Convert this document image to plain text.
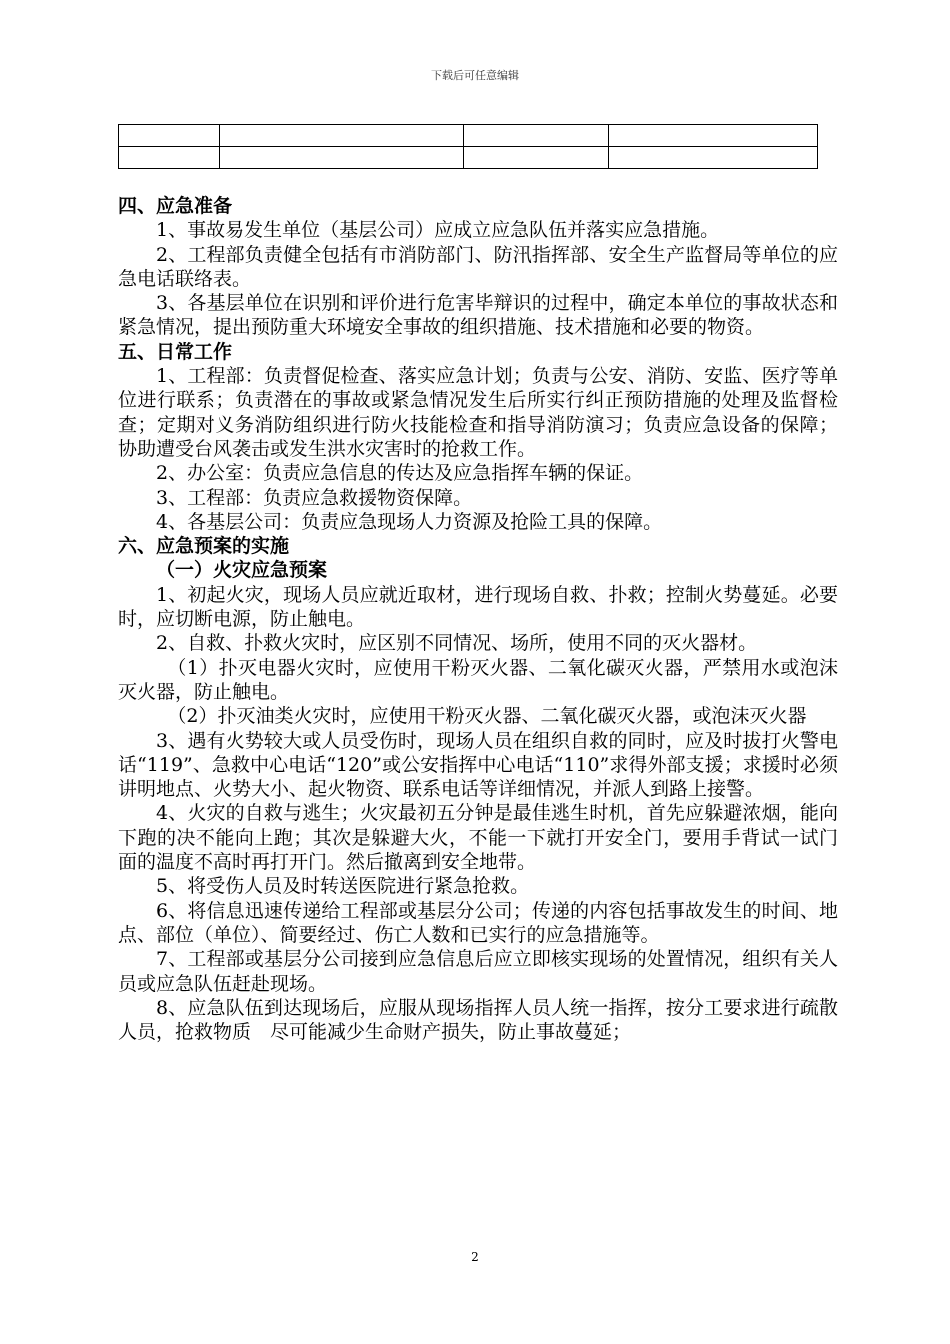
下载后可任意编辑

四、应急准备

1、事故易发生单位（基层公司）应成立应急队伍并落实应急措施。

2、工程部负责健全包括有市消防部门、防汛指挥部、安全生产监督局等单位的应急电话联络表。

3、各基层单位在识别和评价进行危害毕辩识的过程中，确定本单位的事故状态和紧急情况，提出预防重大环境安全事故的组织措施、技术措施和必要的物资。

五、日常工作

1、工程部：负责督促检查、落实应急计划；负责与公安、消防、安监、医疗等单位进行联系；负责潜在的事故或紧急情况发生后所实行纠正预防措施的处理及监督检查；定期对义务消防组织进行防火技能检查和指导消防演习；负责应急设备的保障；协助遭受台风袭击或发生洪水灾害时的抢救工作。

2、办公室：负责应急信息的传达及应急指挥车辆的保证。

3、工程部：负责应急救援物资保障。

4、各基层公司：负责应急现场人力资源及抢险工具的保障。

六、应急预案的实施

（一）火灾应急预案

1、初起火灾，现场人员应就近取材，进行现场自救、扑救；控制火势蔓延。必要时，应切断电源，防止触电。

2、自救、扑救火灾时，应区别不同情况、场所，使用不同的灭火器材。

（1）扑灭电器火灾时，应使用干粉灭火器、二氧化碳灭火器，严禁用水或泡沫灭火器，防止触电。

（2）扑灭油类火灾时，应使用干粉灭火器、二氧化碳灭火器，或泡沫灭火器

3、遇有火势较大或人员受伤时，现场人员在组织自救的同时，应及时拔打火警电话“119”、急救中心电话“120”或公安指挥中心电话“110”求得外部支援；求援时必须讲明地点、火势大小、起火物资、联系电话等详细情况，并派人到路上接警。

4、火灾的自救与逃生；火灾最初五分钟是最佳逃生时机，首先应躲避浓烟，能向下跑的决不能向上跑；其次是躲避大火，不能一下就打开安全门，要用手背试一试门面的温度不高时再打开门。然后撤离到安全地带。

5、将受伤人员及时转送医院进行紧急抢救。

6、将信息迅速传递给工程部或基层分公司；传递的内容包括事故发生的时间、地点、部位（单位）、简要经过、伤亡人数和已实行的应急措施等。

7、工程部或基层分公司接到应急信息后应立即核实现场的处置情况，组织有关人员或应急队伍赶赴现场。

8、应急队伍到达现场后，应服从现场指挥人员人统一指挥，按分工要求进行疏散人员，抢救物质　尽可能减少生命财产损失，防止事故蔓延；

2
